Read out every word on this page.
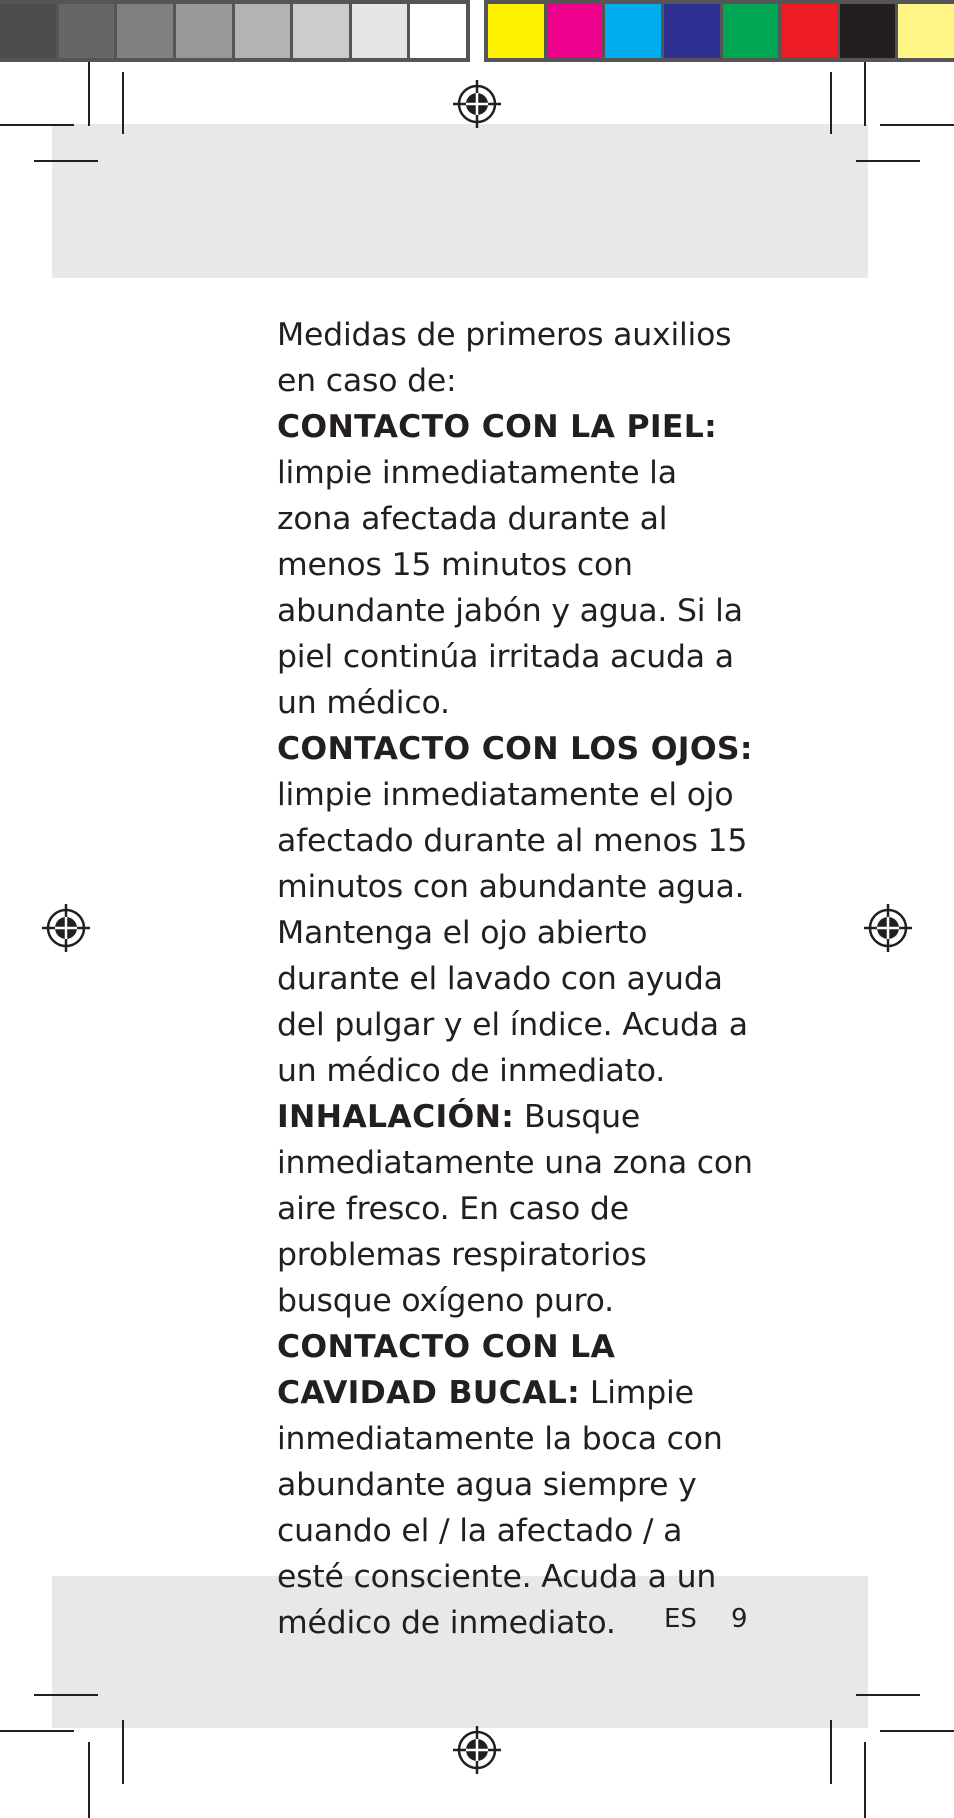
Medidas de primeros auxilios en caso de:

CONTACTO CON LA PIEL: limpie inmediatamente la zona afectada durante al menos 15 minutos con abundante jabón y agua. Si la piel continúa irritada acuda a un médico.

CONTACTO CON LOS OJOS: limpie inmediatamente el ojo afectado durante al menos 15 minutos con abundante agua. Mantenga el ojo abierto durante el lavado con ayuda del pulgar y el índice. Acuda a un médico de inmediato.

INHALACIÓN: Busque inmediatamente una zona con aire fresco. En caso de problemas respiratorios busque oxígeno puro.

CONTACTO CON LA CAVIDAD BUCAL: Limpie inmediatamente la boca con abundante agua siempre y cuando el / la afectado / a esté consciente. Acuda a un médico de inmediato.	ES 9
